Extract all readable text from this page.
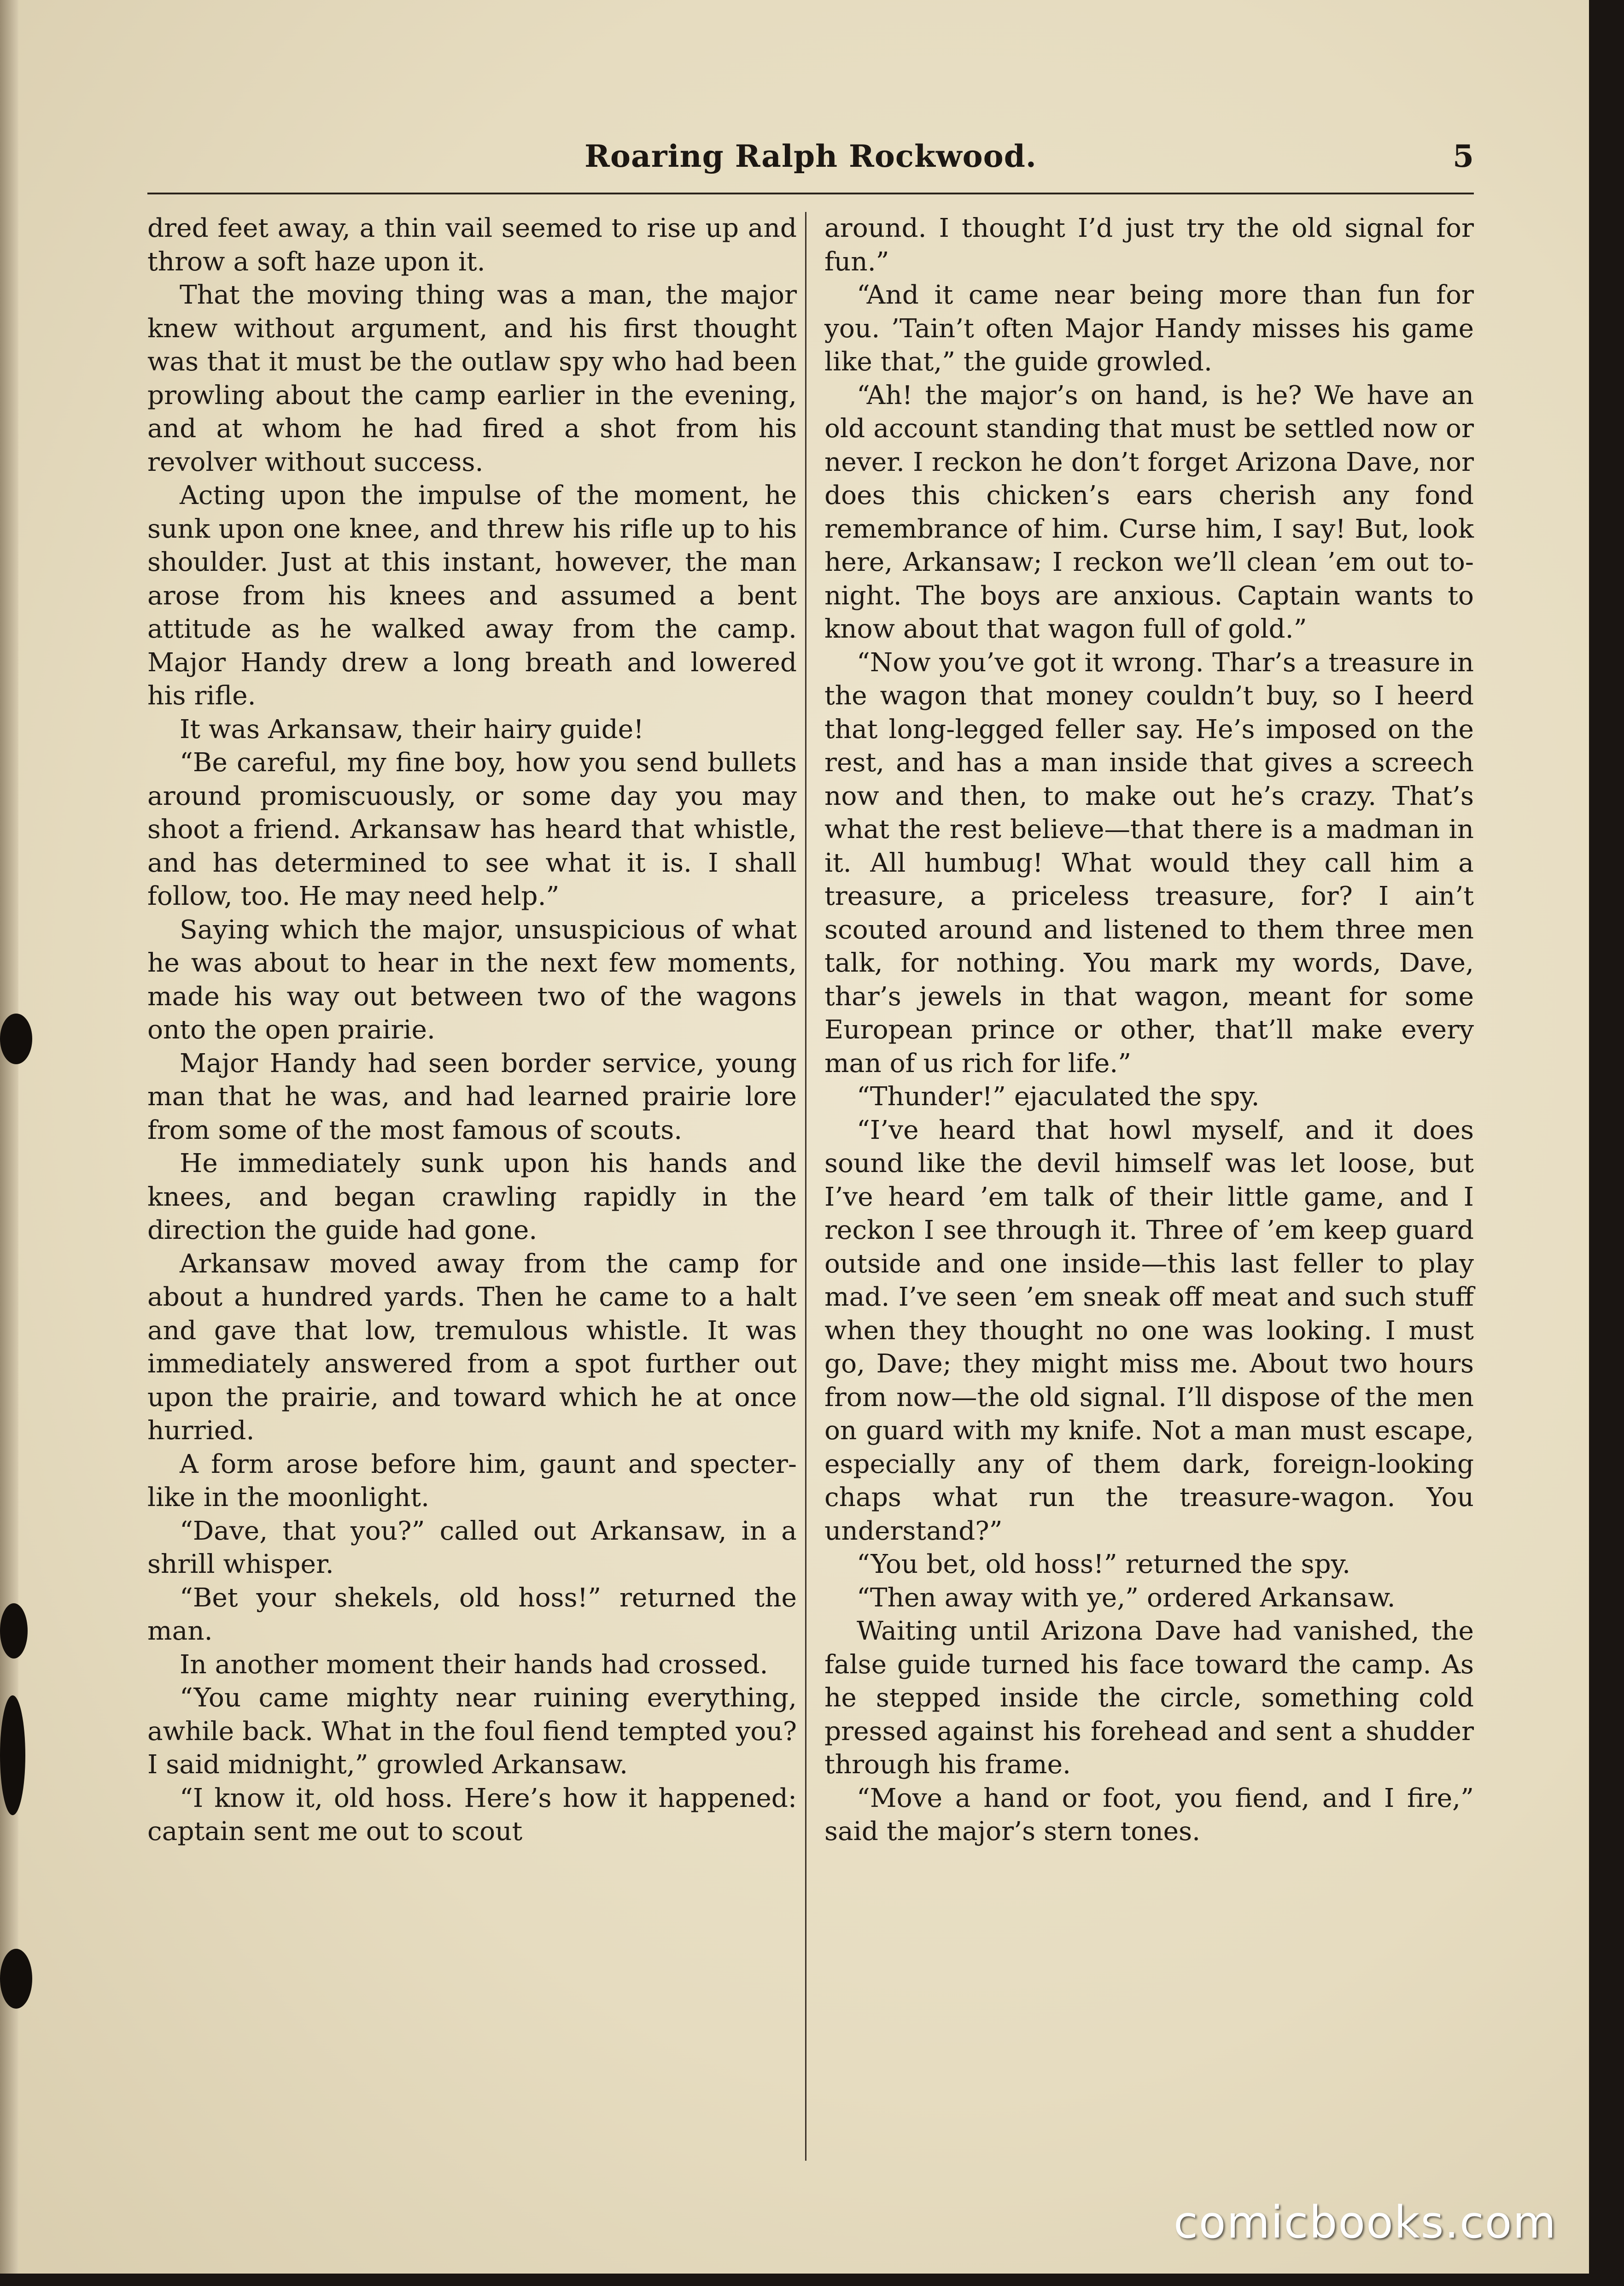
Roaring Ralph Rockwood.	5

dred feet away, a thin vail seemed to rise up and throw a soft haze upon it.

That the moving thing was a man, the major knew without argument, and his first thought was that it must be the outlaw spy who had been prowling about the camp earlier in the evening, and at whom he had fired a shot from his revolver without success.

Acting upon the impulse of the moment, he sunk upon one knee, and threw his rifle up to his shoulder. Just at this instant, however, the man arose from his knees and assumed a bent attitude as he walked away from the camp. Major Handy drew a long breath and lowered his rifle.

It was Arkansaw, their hairy guide!

“Be careful, my fine boy, how you send bullets around promiscuously, or some day you may shoot a friend. Arkansaw has heard that whistle, and has determined to see what it is. I shall follow, too. He may need help.”

Saying which the major, unsuspicious of what he was about to hear in the next few moments, made his way out between two of the wagons onto the open prairie.

Major Handy had seen border service, young man that he was, and had learned prairie lore from some of the most famous of scouts.

He immediately sunk upon his hands and knees, and began crawling rapidly in the direction the guide had gone.

Arkansaw moved away from the camp for about a hundred yards. Then he came to a halt and gave that low, tremulous whistle. It was immediately answered from a spot further out upon the prairie, and toward which he at once hurried.

A form arose before him, gaunt and specter-like in the moonlight.

“Dave, that you?” called out Arkansaw, in a shrill whisper.

“Bet your shekels, old hoss!” returned the man.

In another moment their hands had crossed.

“You came mighty near ruining everything, awhile back. What in the foul fiend tempted you? I said midnight,” growled Arkansaw.

“I know it, old hoss. Here’s how it happened: captain sent me out to scout

around. I thought I’d just try the old signal for fun.”

“And it came near being more than fun for you. ’Tain’t often Major Handy misses his game like that,” the guide growled.

“Ah! the major’s on hand, is he? We have an old account standing that must be settled now or never. I reckon he don’t forget Arizona Dave, nor does this chicken’s ears cherish any fond remembrance of him. Curse him, I say! But, look here, Arkansaw; I reckon we’ll clean ’em out to-night. The boys are anxious. Captain wants to know about that wagon full of gold.”

“Now you’ve got it wrong. Thar’s a treasure in the wagon that money couldn’t buy, so I heerd that long-legged feller say. He’s imposed on the rest, and has a man inside that gives a screech now and then, to make out he’s crazy. That’s what the rest believe—that there is a madman in it. All humbug! What would they call him a treasure, a priceless treasure, for? I ain’t scouted around and listened to them three men talk, for nothing. You mark my words, Dave, thar’s jewels in that wagon, meant for some European prince or other, that’ll make every man of us rich for life.”

“Thunder!” ejaculated the spy.

“I’ve heard that howl myself, and it does sound like the devil himself was let loose, but I’ve heard ’em talk of their little game, and I reckon I see through it. Three of ’em keep guard outside and one inside—this last feller to play mad. I’ve seen ’em sneak off meat and such stuff when they thought no one was looking. I must go, Dave; they might miss me. About two hours from now—the old signal. I’ll dispose of the men on guard with my knife. Not a man must escape, especially any of them dark, foreign-looking chaps what run the treasure-wagon. You understand?”

“You bet, old hoss!” returned the spy.

“Then away with ye,” ordered Arkansaw.

Waiting until Arizona Dave had vanished, the false guide turned his face toward the camp. As he stepped inside the circle, something cold pressed against his forehead and sent a shudder through his frame.

“Move a hand or foot, you fiend, and I fire,” said the major’s stern tones.

comicbooks.com
